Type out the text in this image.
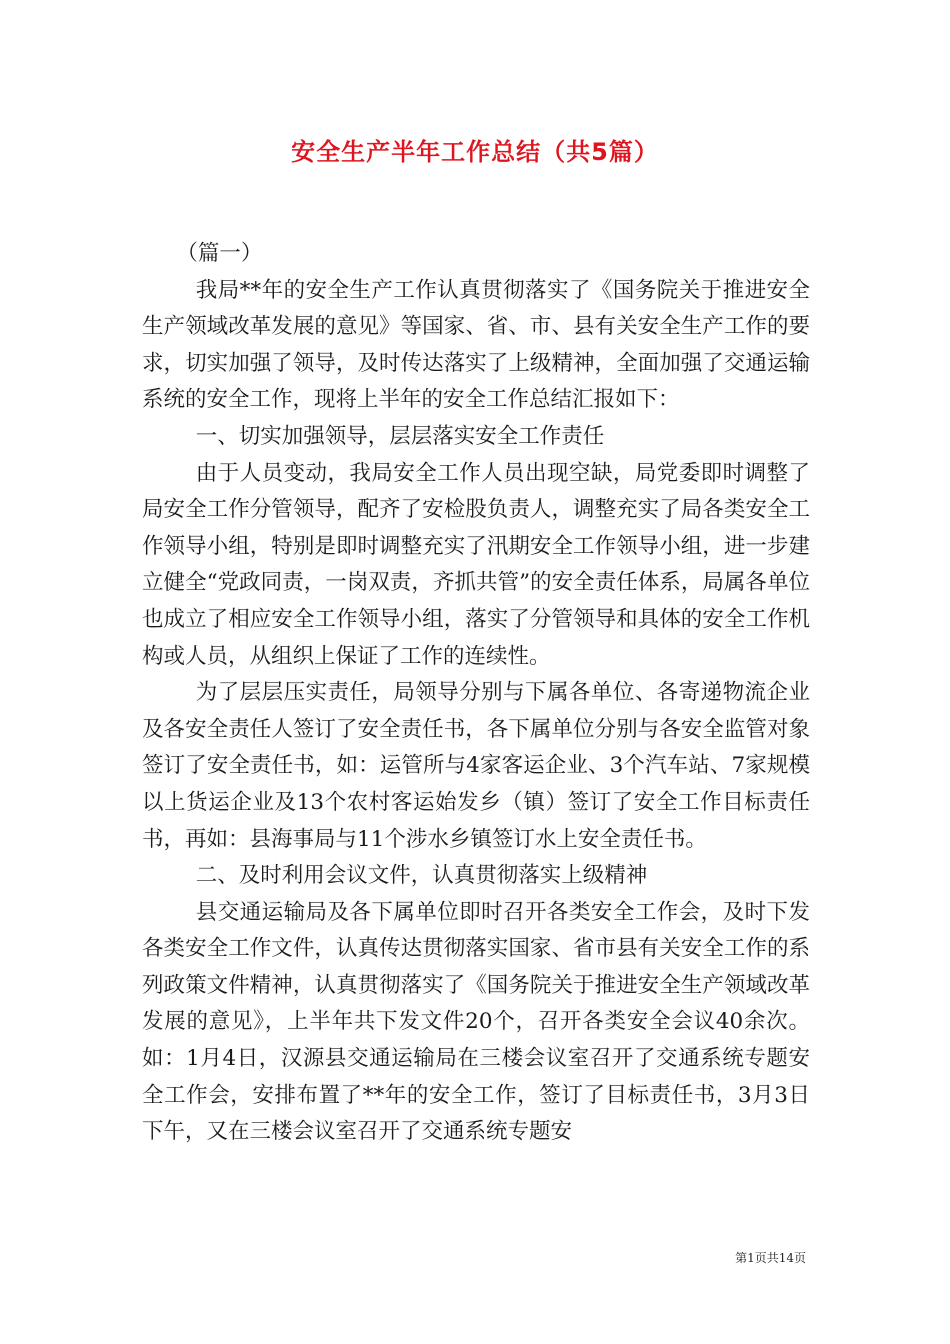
安全生产半年工作总结（共5篇）

（篇一）

我局**年的安全生产工作认真贯彻落实了《国务院关于推进安全生产领域改革发展的意见》等国家、省、市、县有关安全生产工作的要求，切实加强了领导，及时传达落实了上级精神，全面加强了交通运输系统的安全工作，现将上半年的安全工作总结汇报如下：

一、切实加强领导，层层落实安全工作责任

由于人员变动，我局安全工作人员出现空缺，局党委即时调整了局安全工作分管领导，配齐了安检股负责人，调整充实了局各类安全工作领导小组，特别是即时调整充实了汛期安全工作领导小组，进一步建立健全“党政同责，一岗双责，齐抓共管”的安全责任体系，局属各单位也成立了相应安全工作领导小组，落实了分管领导和具体的安全工作机构或人员，从组织上保证了工作的连续性。

为了层层压实责任，局领导分别与下属各单位、各寄递物流企业及各安全责任人签订了安全责任书，各下属单位分别与各安全监管对象签订了安全责任书，如：运管所与4家客运企业、3个汽车站、7家规模以上货运企业及13个农村客运始发乡（镇）签订了安全工作目标责任书，再如：县海事局与11个涉水乡镇签订水上安全责任书。

二、及时利用会议文件，认真贯彻落实上级精神

县交通运输局及各下属单位即时召开各类安全工作会，及时下发各类安全工作文件，认真传达贯彻落实国家、省市县有关安全工作的系列政策文件精神，认真贯彻落实了《国务院关于推进安全生产领域改革发展的意见》，上半年共下发文件20个，召开各类安全会议40余次。如：1月4日，汉源县交通运输局在三楼会议室召开了交通系统专题安全工作会，安排布置了**年的安全工作，签订了目标责任书，3月3日下午，又在三楼会议室召开了交通系统专题安

第1页共14页
